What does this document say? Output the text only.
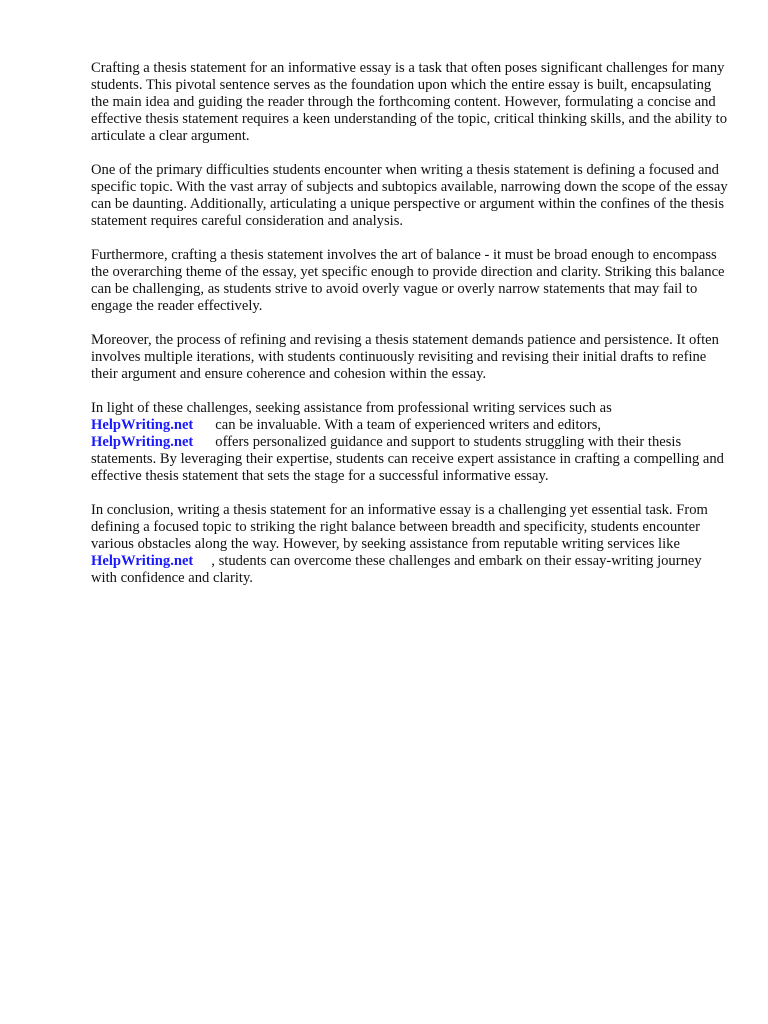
Crafting a thesis statement for an informative essay is a task that often poses significant challenges for many students. This pivotal sentence serves as the foundation upon which the entire essay is built, encapsulating the main idea and guiding the reader through the forthcoming content. However, formulating a concise and effective thesis statement requires a keen understanding of the topic, critical thinking skills, and the ability to articulate a clear argument.

One of the primary difficulties students encounter when writing a thesis statement is defining a focused and specific topic. With the vast array of subjects and subtopics available, narrowing down the scope of the essay can be daunting. Additionally, articulating a unique perspective or argument within the confines of the thesis statement requires careful consideration and analysis.

Furthermore, crafting a thesis statement involves the art of balance - it must be broad enough to encompass the overarching theme of the essay, yet specific enough to provide direction and clarity. Striking this balance can be challenging, as students strive to avoid overly vague or overly narrow statements that may fail to engage the reader effectively.

Moreover, the process of refining and revising a thesis statement demands patience and persistence. It often involves multiple iterations, with students continuously revisiting and revising their initial drafts to refine their argument and ensure coherence and cohesion within the essay.

In light of these challenges, seeking assistance from professional writing services such as
HelpWriting.net can be invaluable. With a team of experienced writers and editors,
HelpWriting.net offers personalized guidance and support to students struggling with their thesis statements. By leveraging their expertise, students can receive expert assistance in crafting a compelling and effective thesis statement that sets the stage for a successful informative essay.

In conclusion, writing a thesis statement for an informative essay is a challenging yet essential task. From defining a focused topic to striking the right balance between breadth and specificity, students encounter various obstacles along the way. However, by seeking assistance from reputable writing services likeHelpWriting.net , students can overcome these challenges and embark on their essay-writing journey with confidence and clarity.
